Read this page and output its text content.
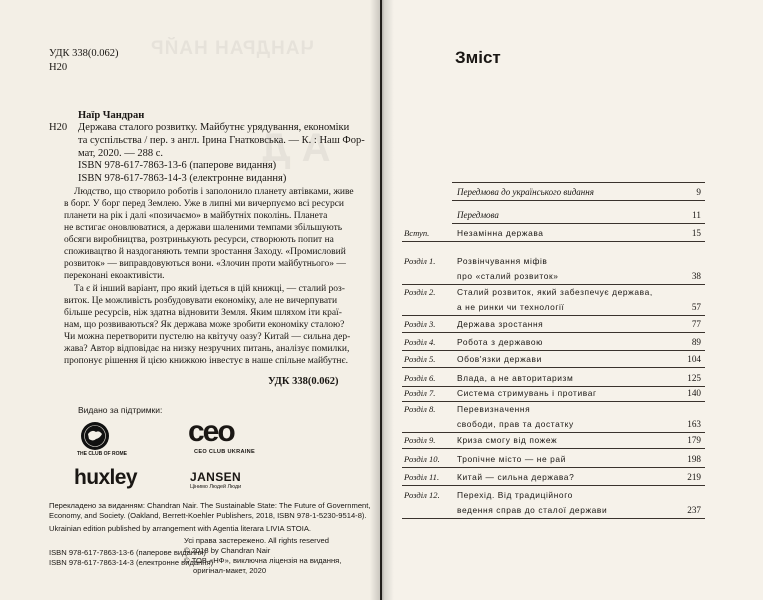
ЧАНДРАН НАЙР
А Д
УДК 338(0.062)
Н20
Наїр Чандран
Н20 Держава сталого розвитку. Майбутнє урядування, економіки
та суспільства / пер. з англ. Ірина Гнатковська. — К. : Наш Фор-
мат, 2020. — 288 с.
ISBN 978-617-7863-13-6 (паперове видання)
ISBN 978-617-7863-14-3 (електронне видання)
Людство, що створило роботів і заполонило планету автівками, живе
в борг. У борг перед Землею. Уже в липні ми вичерпуємо всі ресурси
планети на рік і далі «позичаємо» в майбутніх поколінь. Планета
не встигає оновлюватися, а держави шаленими темпами збільшують
обсяги виробництва, розтринькують ресурси, створюють попит на
споживацтво й наздоганяють темпи зростання Заходу. «Промисловий
розвиток» — виправдовуються вони. «Злочин проти майбутнього» —
переконані екоактивісти.
Та є й інший варіант, про який ідеться в цій книжці, — сталий роз-
виток. Це можливість розбудовувати економіку, але не вичерпувати
більше ресурсів, ніж здатна відновити Земля. Яким шляхом іти краї-
нам, що розвиваються? Як держава може зробити економіку сталою?
Чи можна перетворити пустелю на квітучу оазу? Китай — сильна дер-
жава? Автор відповідає на низку незручних питань, аналізує помилки,
пропонує рішення й цією книжкою інвестує в наше спільне майбутнє.
УДК 338(0.062)
Видано за підтримки:
THE CLUB OF ROME
ceo
CEO CLUB UKRAINE
huxley	JANSEN
Цінимо Людей Люди
Перекладено за виданням: Chandran Nair. The Sustainable State: The Future of Government,
Economy, and Society. (Oakland, Berrett-Koehler Publishers, 2018, ISBN 978-1-5230-9514-8).
Ukrainian edition published by arrangement with Agentia literara LIVIA STOIA.
ISBN 978-617-7863-13-6 (паперове видання)
ISBN 978-617-7863-14-3 (електронне видання)
Усі права застережено. All rights reserved
© 2018 by Chandran Nair
© ТОВ «НФ», виключна ліцензія на видання,
оригінал-макет, 2020
Зміст
Передмова до українського видання	9
Передмова	11
Вступ.	Незамінна держава	15
Розділ 1.	Розвінчування міфів
про «сталий розвиток»	38
Розділ 2.	Сталий розвиток, який забезпечує держава,
а не ринки чи технології	57
Розділ 3.	Держава зростання	77
Розділ 4.	Робота з державою	89
Розділ 5.	Обов'язки держави	104
Розділ 6.	Влада, а не авторитаризм	125
Розділ 7.	Система стримувань і противаг	140
Розділ 8.	Перевизначення
свободи, прав та достатку	163
Розділ 9.	Криза смогу від пожеж	179
Розділ 10. Тропічне місто — не рай	198
Розділ 11. Китай — сильна держава?	219
Розділ 12. Перехід. Від традиційного
ведення справ до сталої держави	237
